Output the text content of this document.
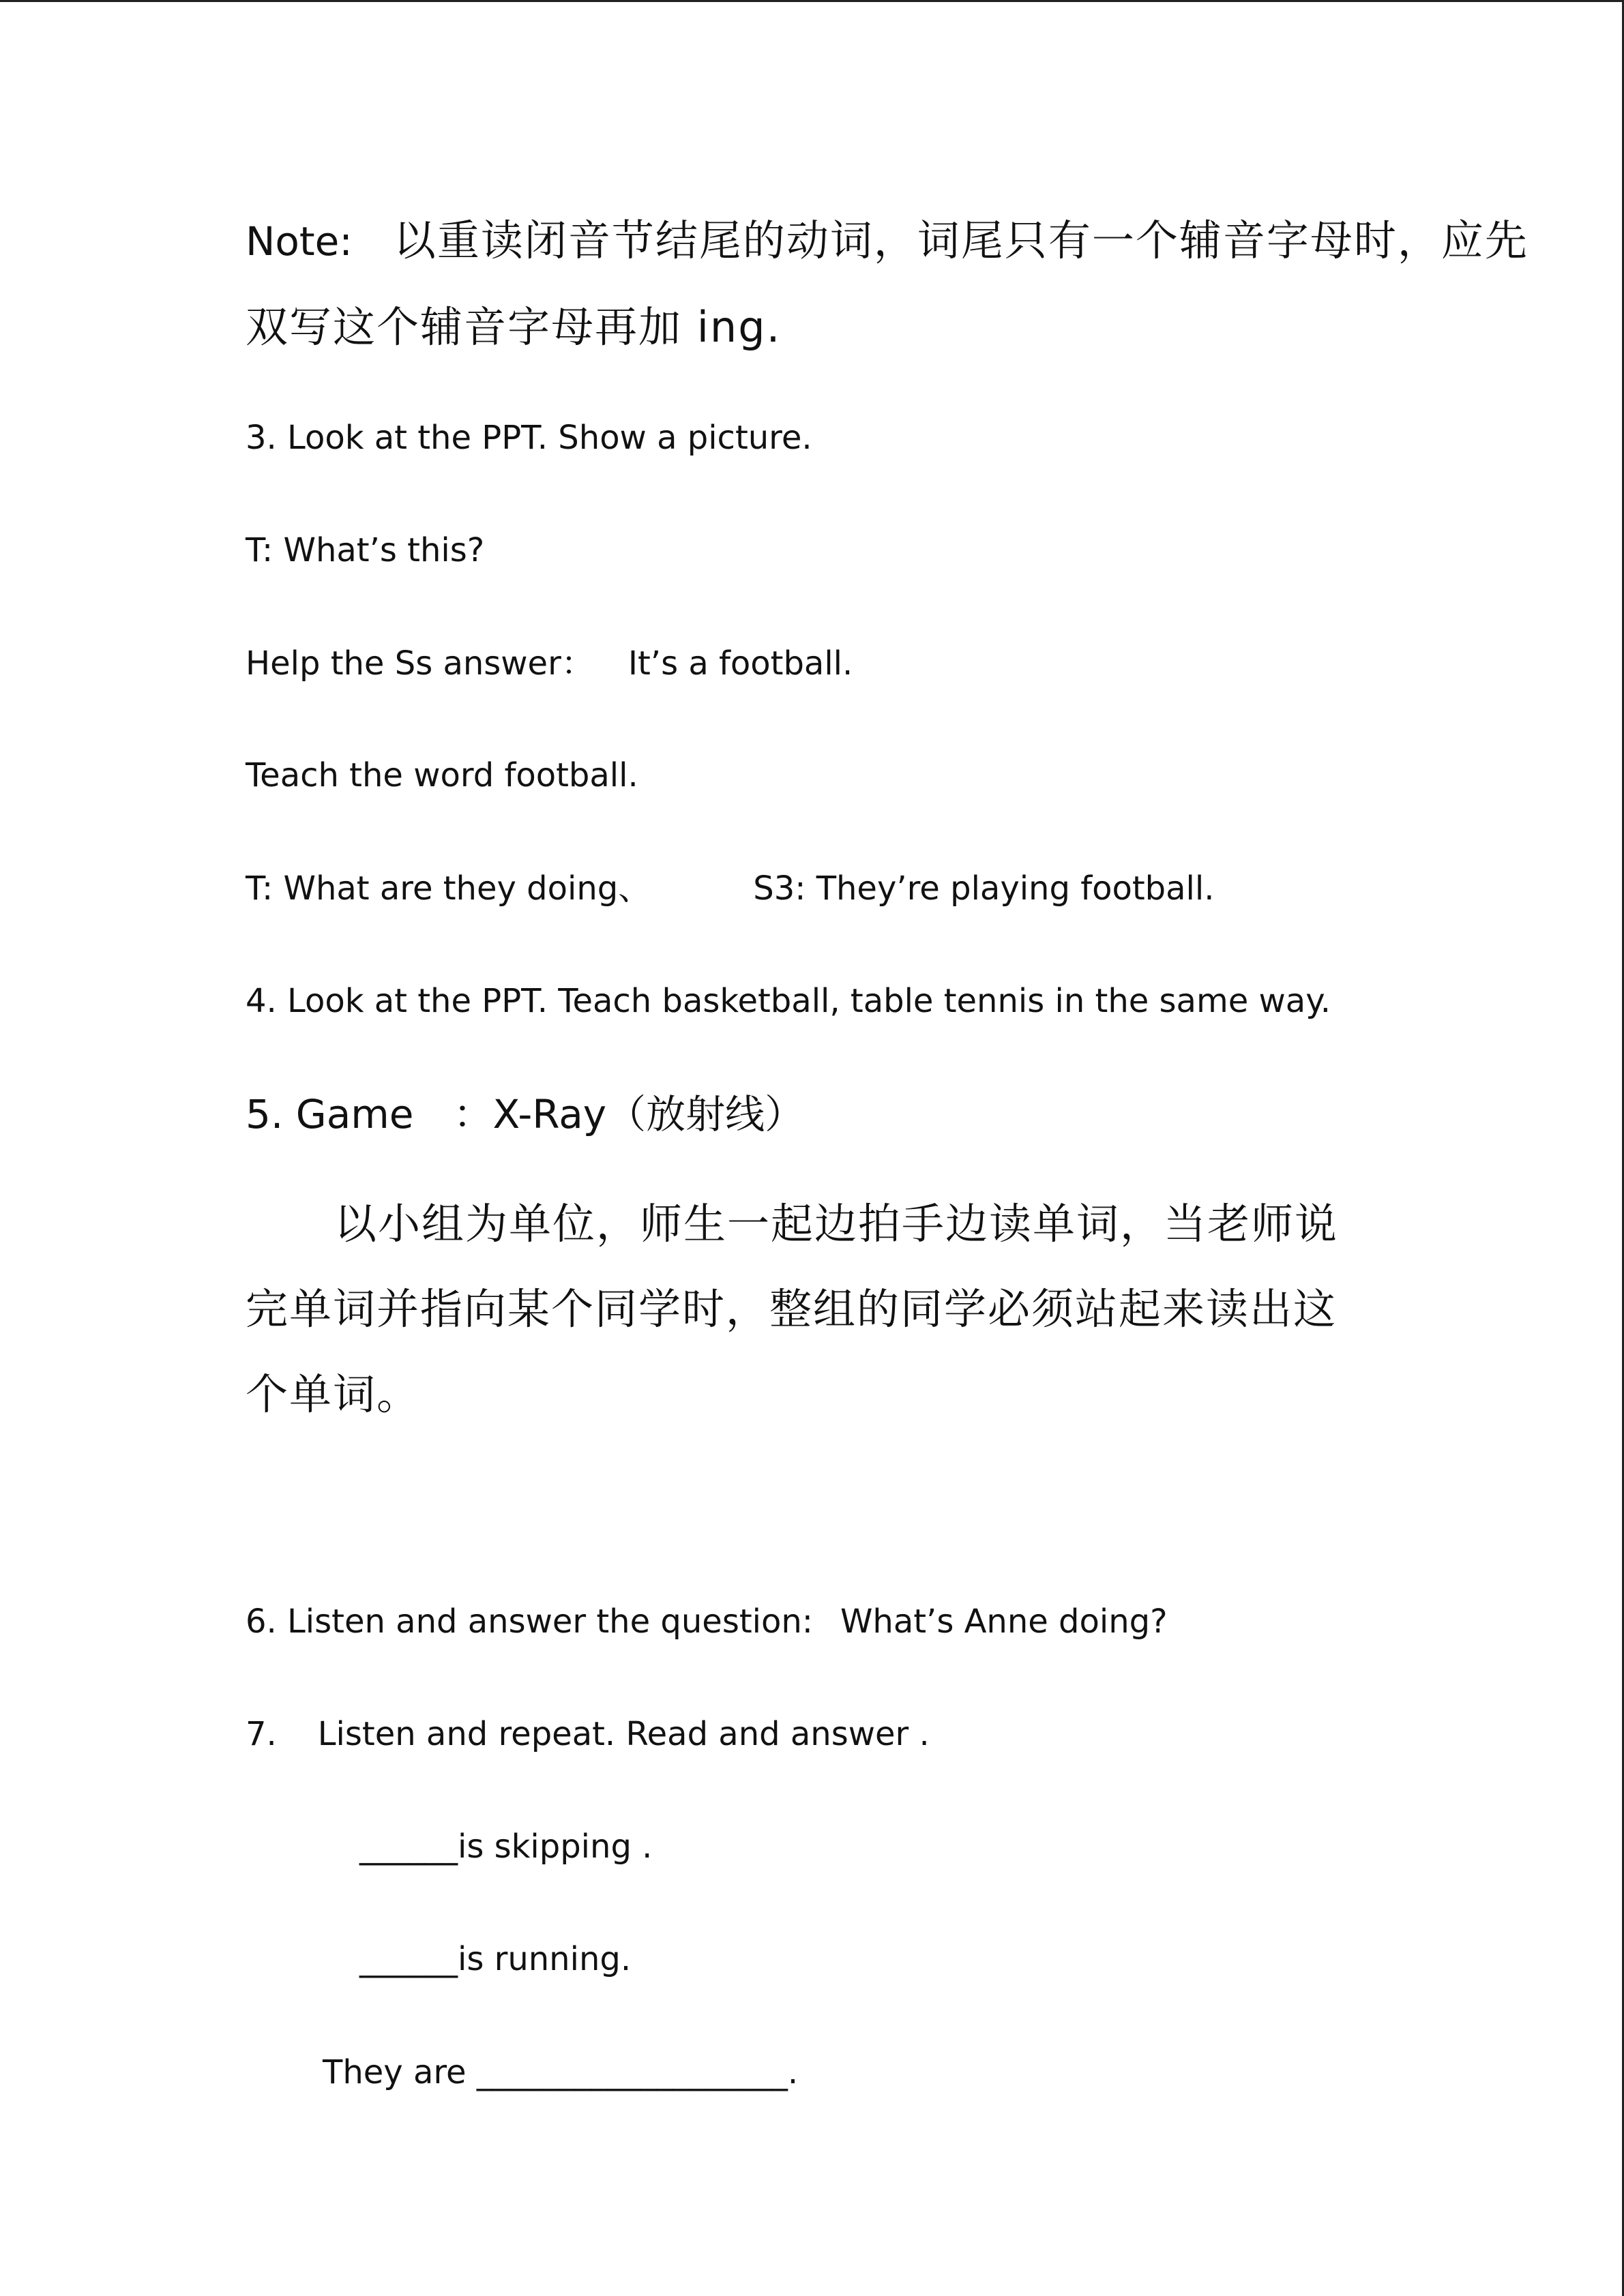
Note: 以重读闭音节结尾的动词，词尾只有一个辅音字母时，应先
双写这个辅音字母再加 ing.
3. Look at the PPT. Show a picture.
T: What’s this?
Help the Ss answer： It’s a football.
Teach the word football.
T: What are they doing、	S3: They’re playing football.
4. Look at the PPT. Teach basketball, table tennis in the same way.
5. Game ：X-Ray（放射线）
以小组为单位，师生一起边拍手边读单词，当老师说
完单词并指向某个同学时，整组的同学必须站起来读出这
个单词。
6. Listen and answer the question: What’s Anne doing?
7. Listen and repeat. Read and answer .
______is skipping .
______is running.
They are ___________________.
